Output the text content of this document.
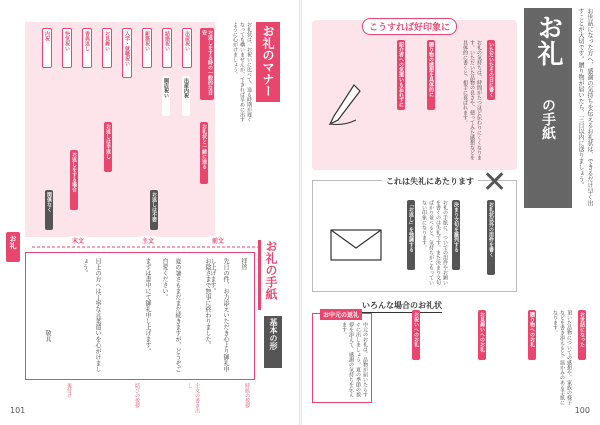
お礼
お礼のマナー
お礼状は、お祝いに比べて、送る時期が遅くなっても構いませんが、できれば早めに出すように心がけましょう。
お返しをする時の一般的な目安
お礼状と一緒に送る
お返しは半返し
出産祝い
結婚祝い
新築祝い
入学・就職祝い
お見舞い
香典返し
快気祝い
内祝
出産内祝
開店祝い
お返しをする場合
お返しは不要
関係なく
お礼の手紙
基本の形
末文	主文	前文
拝啓
先日の件、お力添えいただき心より御礼申し上げます。
お陰さまで無事に終わりました。
夏の暑さもまだまだ続きますが、どうぞご自愛ください。
まずは書中にて御礼申し上げます。
目上の方へは丁寧な言葉遣いを心がけましょう。
敬具
時候の挨拶
主文の書き出し
結びの挨拶
後付け
101
お礼
の手紙	お世話になった方へ、感謝の気持ちを伝えるお礼状は、できるだけ早く出すことが大切です。贈り物が届いたら、三日以内に送りましょう。
こうすれば好印象に
いただいたその日に書く
贈り物の感想を具体的に
紹介者への気遣いも忘れずに	お礼の気持ちは、時間がたつほど伝わりにくくなります。いただいた品物の良さや、使ってみた感想などを具体的に書くと、相手に喜ばれます。
これは失礼にあたります ✕
お礼状以外の用件を書く
決まり文句を羅列する
「お返し」を強調する	お礼の手紙に、ついでの用件やお願いを書くのは失礼です。また決まり文句ばかり並べると、気持ちがこもっていない印象になります。
いろんな場合のお礼状
お中元の返礼
中元のお礼は、品物が届いたらすぐに出しましょう。夏の季節の挨拶を添えて、感謝の気持ちを伝えます。	お世話になった
贈り物へのお礼
お見舞いへのお礼
お祝いへのお礼	頂いた品物についての感想や、家族の様子などを書き添えると、温かみのある手紙になります。
100
